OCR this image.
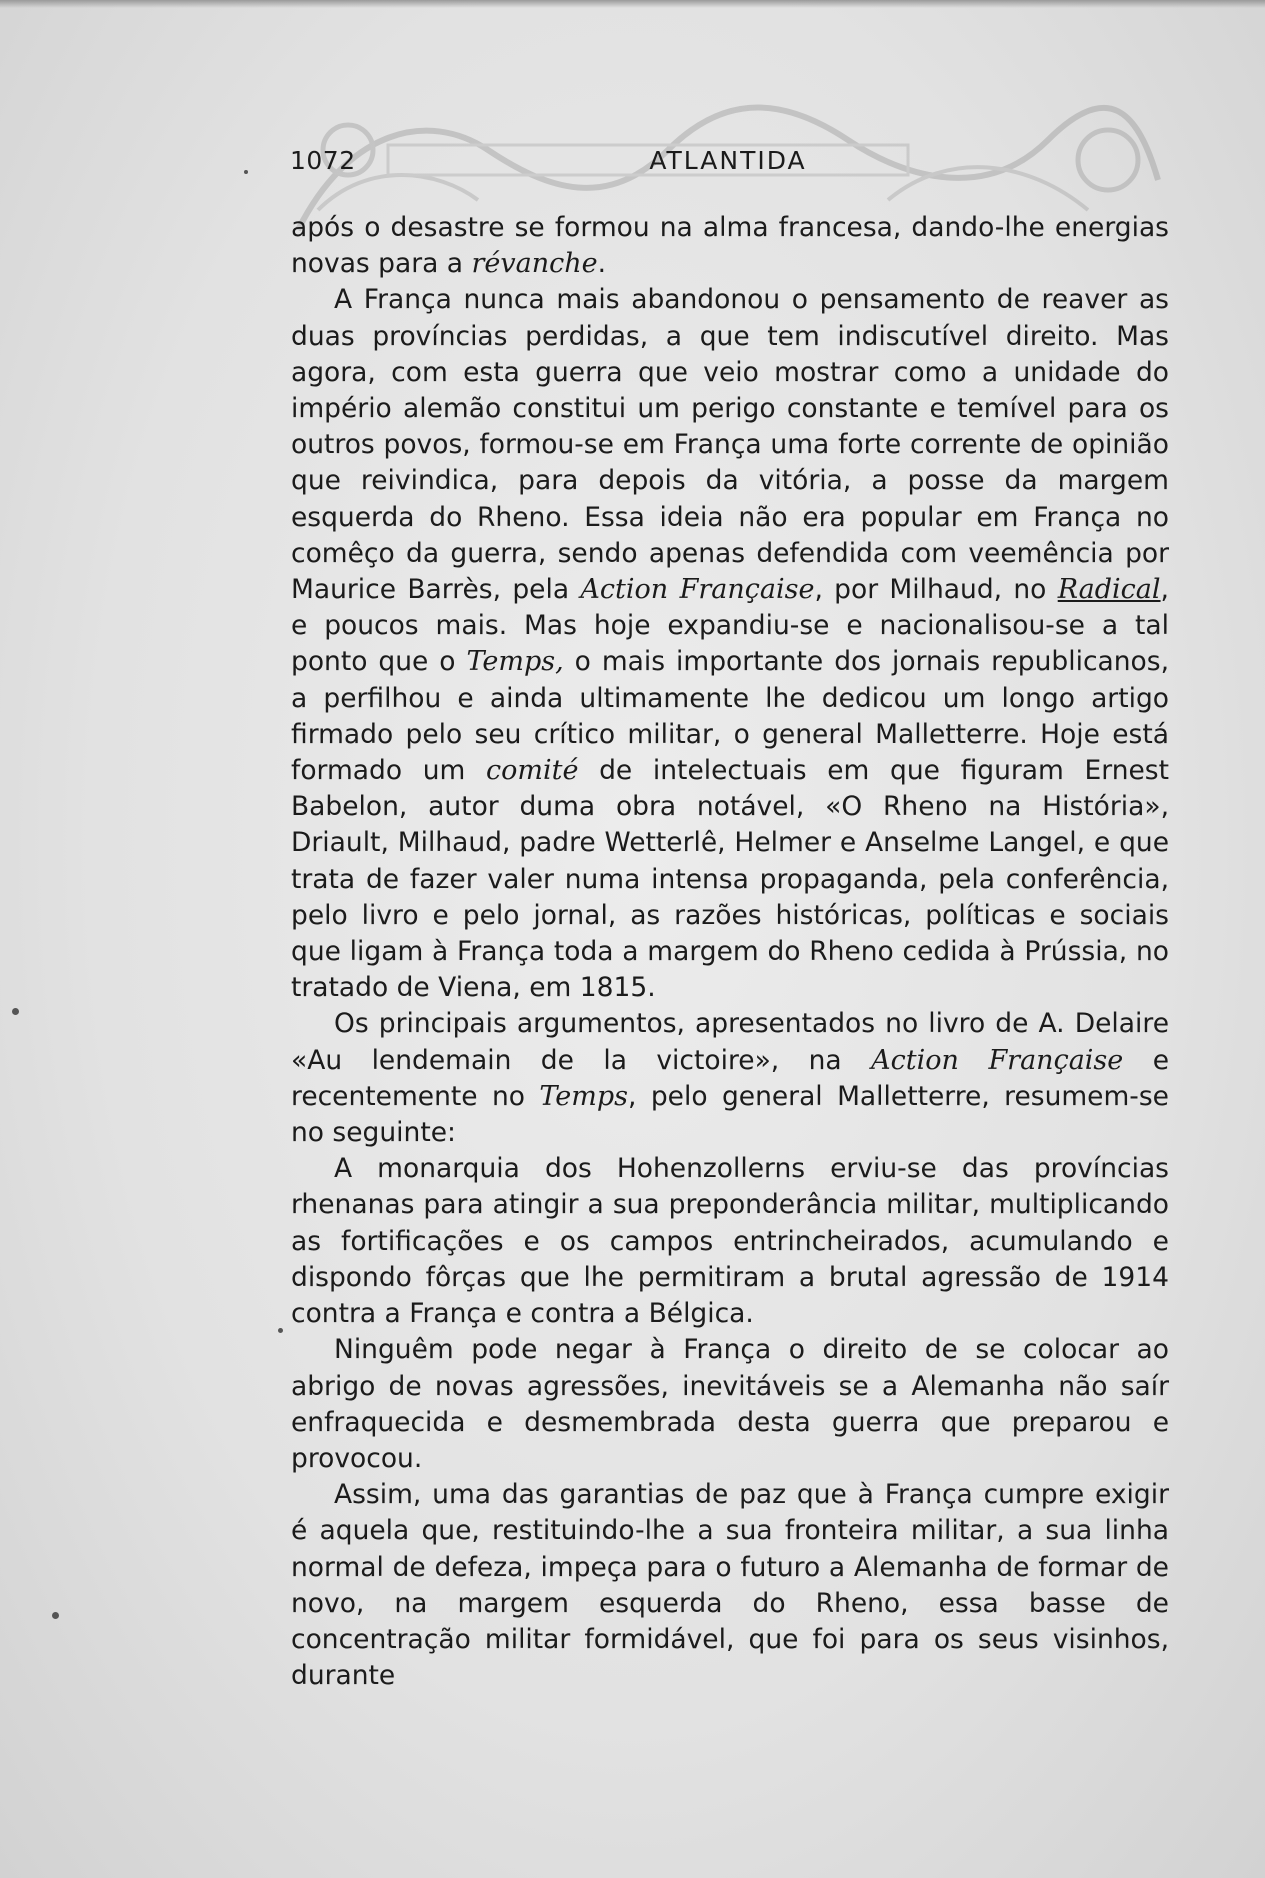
1072	ATLANTIDA

após o desastre se formou na alma francesa, dando-lhe energias novas para a révanche.

A França nunca mais abandonou o pensamento de reaver as duas províncias perdidas, a que tem indiscutível direito. Mas agora, com esta guerra que veio mostrar como a unidade do império alemão constitui um perigo constante e temível para os outros povos, formou-se em França uma forte corrente de opinião que reivindica, para depois da vitória, a posse da margem esquerda do Rheno. Essa ideia não era popular em França no comêço da guerra, sendo apenas defendida com veemência por Maurice Barrès, pela Action Française, por Milhaud, no Radical, e poucos mais. Mas hoje expandiu-se e nacionalisou-se a tal ponto que o Temps, o mais importante dos jornais republicanos, a perfilhou e ainda ultimamente lhe dedicou um longo artigo firmado pelo seu crítico militar, o general Malletterre. Hoje está formado um comité de intelectuais em que figuram Ernest Babelon, autor duma obra notável, «O Rheno na História», Driault, Milhaud, padre Wetterlê, Helmer e Anselme Langel, e que trata de fazer valer numa intensa propaganda, pela conferência, pelo livro e pelo jornal, as razões históricas, políticas e sociais que ligam à França toda a margem do Rheno cedida à Prússia, no tratado de Viena, em 1815.

Os principais argumentos, apresentados no livro de A. Delaire «Au lendemain de la victoire», na Action Française e recentemente no Temps, pelo general Malletterre, resumem-se no seguinte:

A monarquia dos Hohenzollerns erviu-se das províncias rhenanas para atingir a sua preponderância militar, multiplicando as fortificações e os campos entrincheirados, acumulando e dispondo fôrças que lhe permitiram a brutal agressão de 1914 contra a França e contra a Bélgica.

Ninguêm pode negar à França o direito de se colocar ao abrigo de novas agressões, inevitáveis se a Alemanha não saír enfraquecida e desmembrada desta guerra que preparou e provocou.

Assim, uma das garantias de paz que à França cumpre exigir é aquela que, restituindo-lhe a sua fronteira militar, a sua linha normal de defeza, impeça para o futuro a Alemanha de formar de novo, na margem esquerda do Rheno, essa basse de concentração militar formidável, que foi para os seus visinhos, durante
